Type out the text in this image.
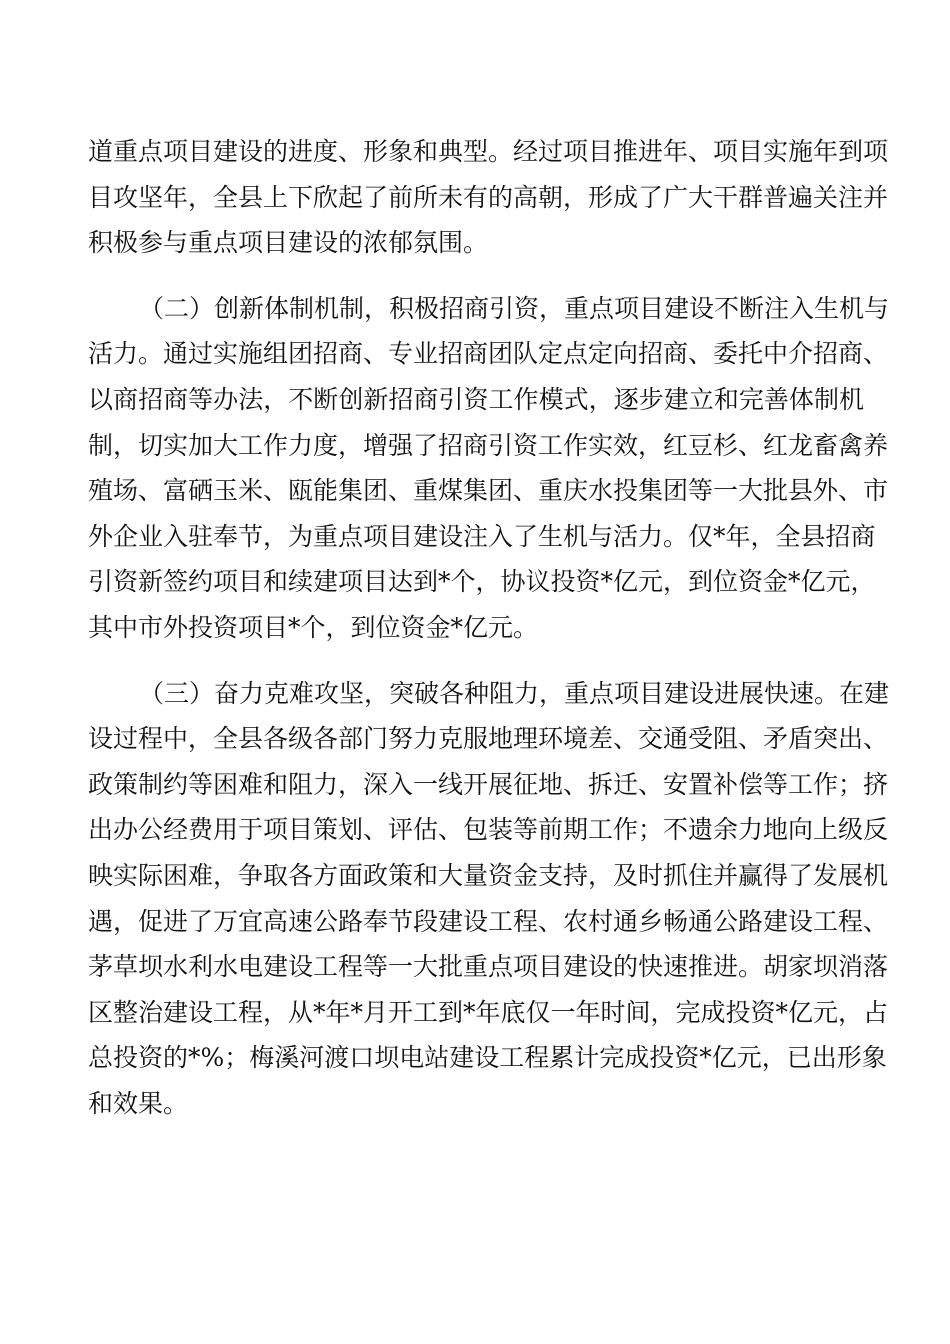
道重点项目建设的进度、形象和典型。经过项目推进年、项目实施年到项
目攻坚年，全县上下欣起了前所未有的高朝，形成了广大干群普遍关注并
积极参与重点项目建设的浓郁氛围。
（二）创新体制机制，积极招商引资，重点项目建设不断注入生机与
活力。通过实施组团招商、专业招商团队定点定向招商、委托中介招商、
以商招商等办法，不断创新招商引资工作模式，逐步建立和完善体制机
制，切实加大工作力度，增强了招商引资工作实效，红豆杉、红龙畜禽养
殖场、富硒玉米、瓯能集团、重煤集团、重庆水投集团等一大批县外、市
外企业入驻奉节，为重点项目建设注入了生机与活力。仅*年，全县招商
引资新签约项目和续建项目达到*个，协议投资*亿元，到位资金*亿元，
其中市外投资项目*个，到位资金*亿元。
（三）奋力克难攻坚，突破各种阻力，重点项目建设进展快速。在建
设过程中，全县各级各部门努力克服地理环境差、交通受阻、矛盾突出、
政策制约等困难和阻力，深入一线开展征地、拆迁、安置补偿等工作；挤
出办公经费用于项目策划、评估、包装等前期工作；不遗余力地向上级反
映实际困难，争取各方面政策和大量资金支持，及时抓住并赢得了发展机
遇，促进了万宜高速公路奉节段建设工程、农村通乡畅通公路建设工程、
茅草坝水利水电建设工程等一大批重点项目建设的快速推进。胡家坝消落
区整治建设工程，从*年*月开工到*年底仅一年时间，完成投资*亿元，占
总投资的*%；梅溪河渡口坝电站建设工程累计完成投资*亿元，已出形象
和效果。
